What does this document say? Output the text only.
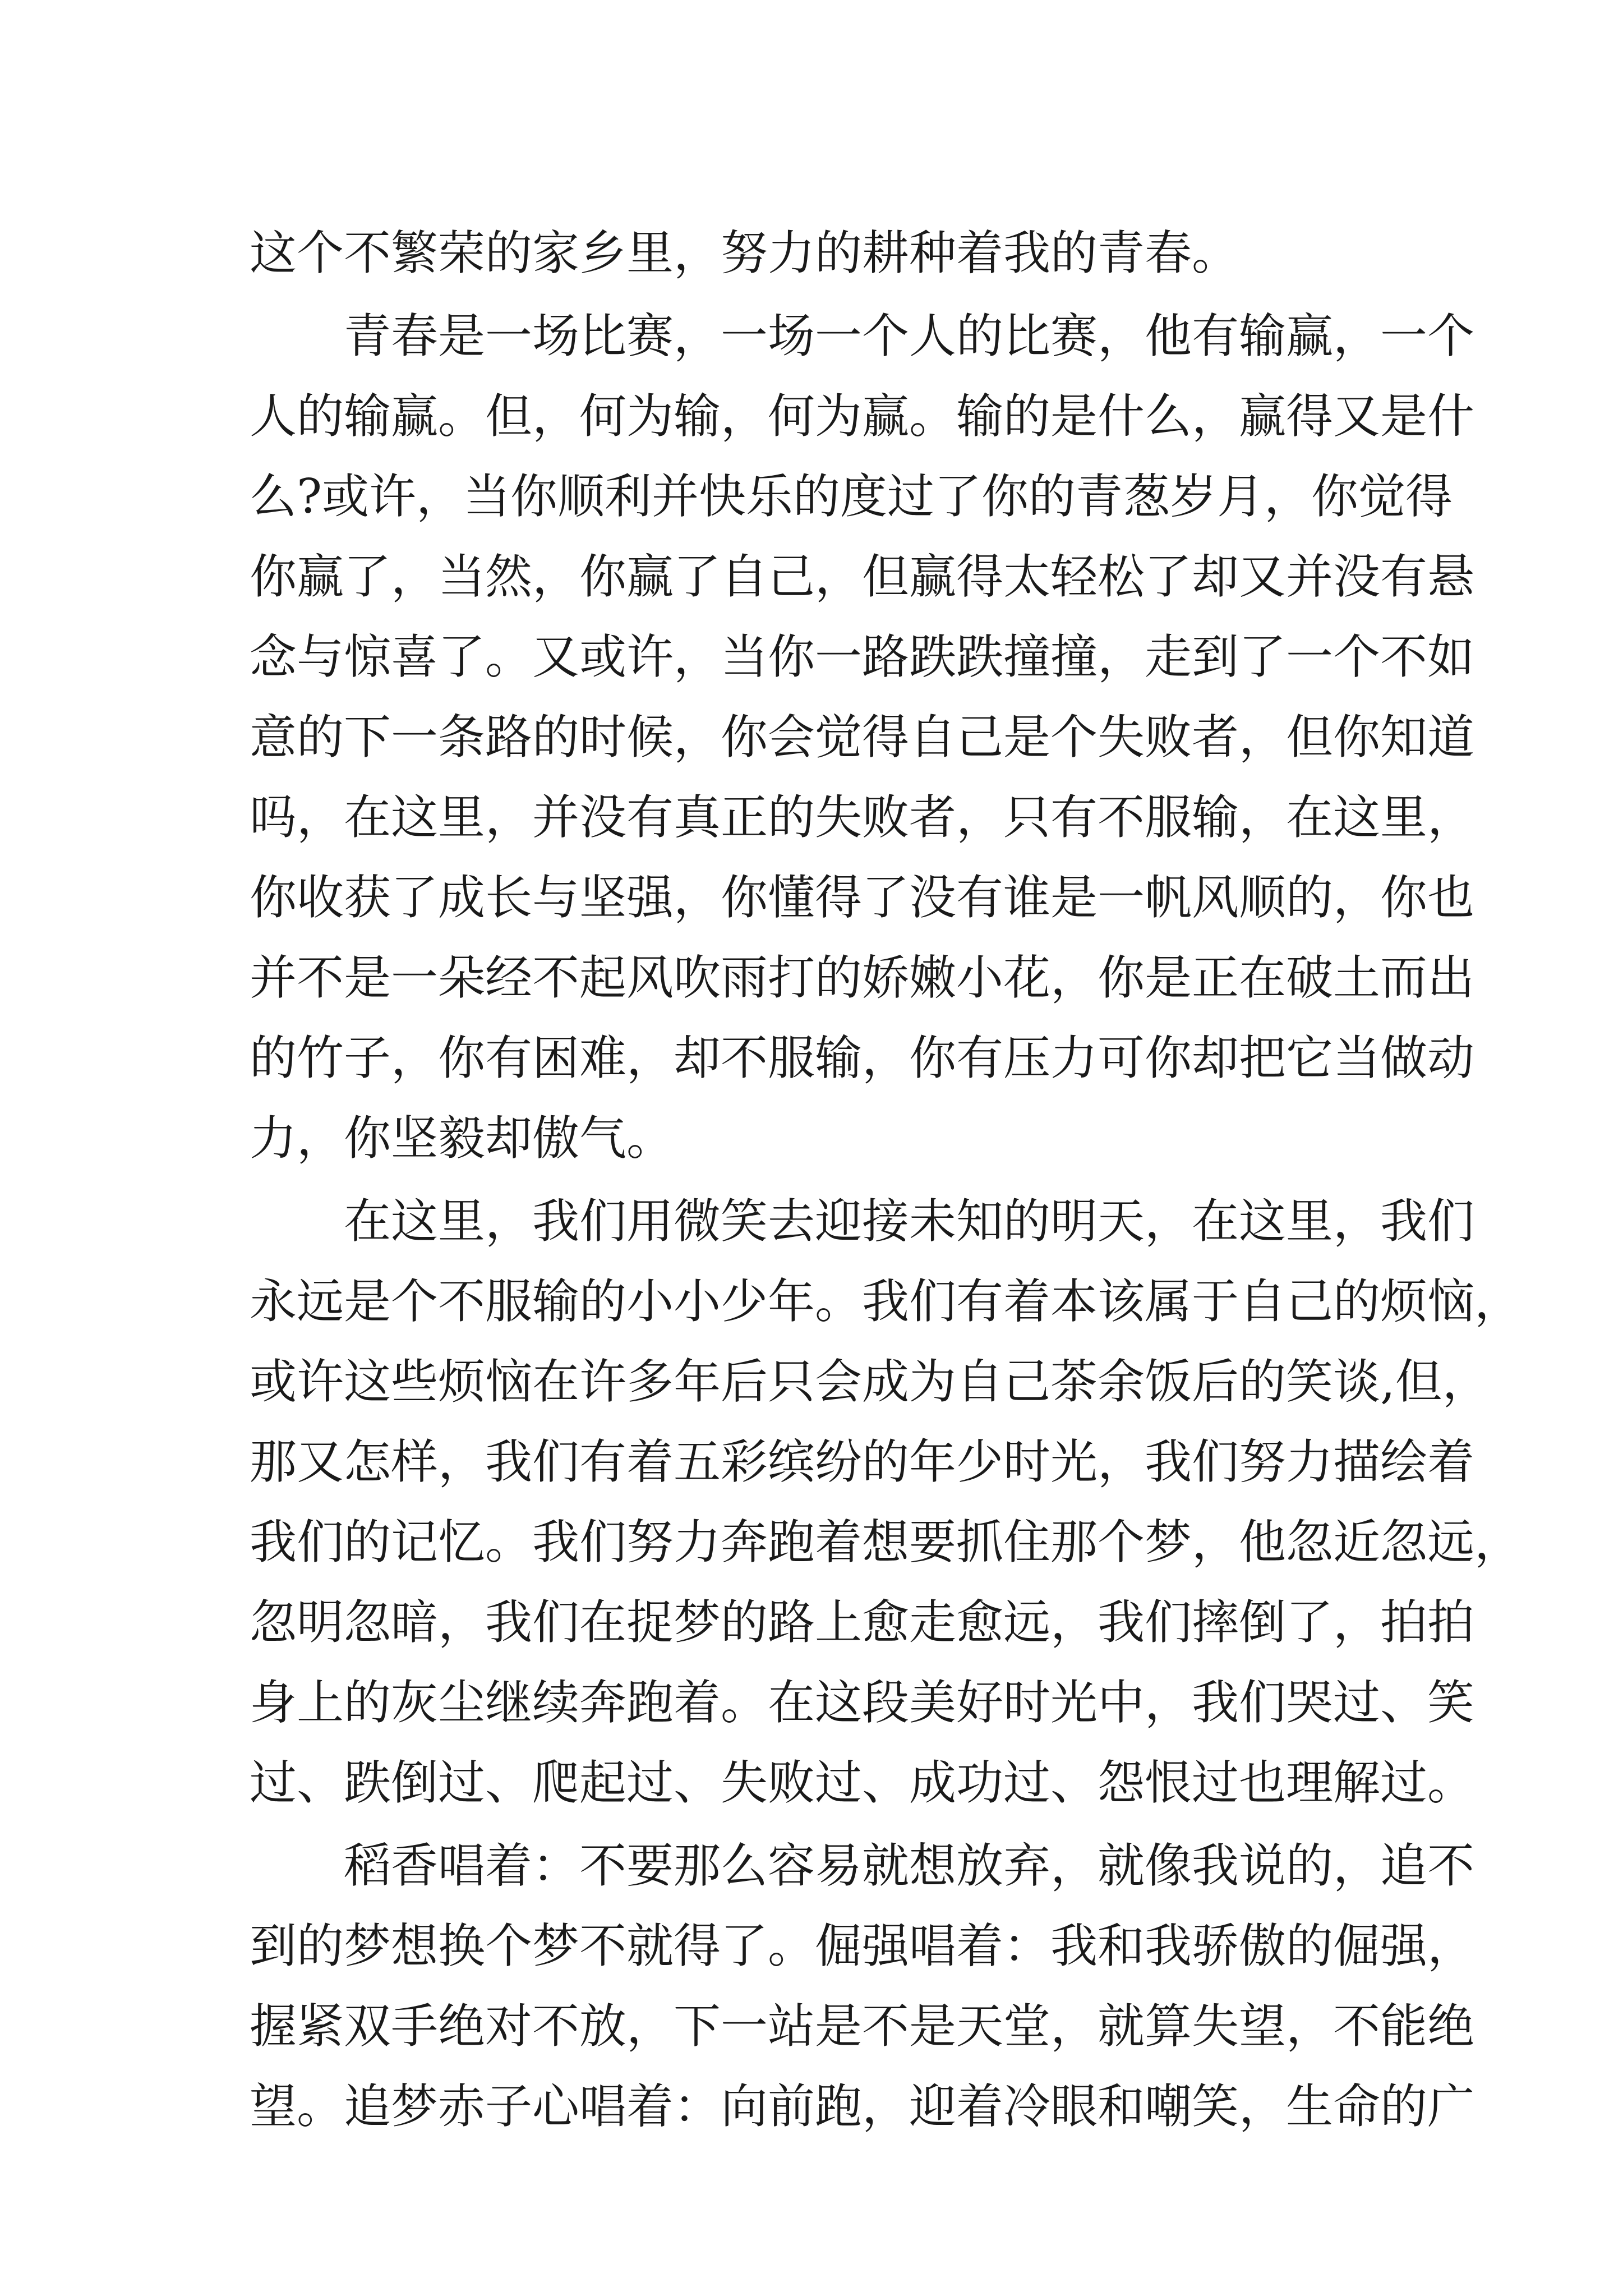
这个不繁荣的家乡里，努力的耕种着我的青春。
青春是一场比赛，一场一个人的比赛，他有输赢，一个
人的输赢。但，何为输，何为赢。输的是什么，赢得又是什
么?或许，当你顺利并快乐的度过了你的青葱岁月，你觉得
你赢了，当然，你赢了自己，但赢得太轻松了却又并没有悬
念与惊喜了。又或许，当你一路跌跌撞撞，走到了一个不如
意的下一条路的时候，你会觉得自己是个失败者，但你知道
吗，在这里，并没有真正的失败者，只有不服输，在这里，
你收获了成长与坚强，你懂得了没有谁是一帆风顺的，你也
并不是一朵经不起风吹雨打的娇嫩小花，你是正在破土而出
的竹子，你有困难，却不服输，你有压力可你却把它当做动
力，你坚毅却傲气。
在这里，我们用微笑去迎接未知的明天，在这里，我们
永远是个不服输的小小少年。我们有着本该属于自己的烦恼，
或许这些烦恼在许多年后只会成为自己茶余饭后的笑谈,但，
那又怎样，我们有着五彩缤纷的年少时光，我们努力描绘着
我们的记忆。我们努力奔跑着想要抓住那个梦，他忽近忽远，
忽明忽暗，我们在捉梦的路上愈走愈远，我们摔倒了，拍拍
身上的灰尘继续奔跑着。在这段美好时光中，我们哭过、笑
过、跌倒过、爬起过、失败过、成功过、怨恨过也理解过。
稻香唱着：不要那么容易就想放弃，就像我说的，追不
到的梦想换个梦不就得了。倔强唱着：我和我骄傲的倔强，
握紧双手绝对不放，下一站是不是天堂，就算失望，不能绝
望。追梦赤子心唱着：向前跑，迎着冷眼和嘲笑，生命的广
